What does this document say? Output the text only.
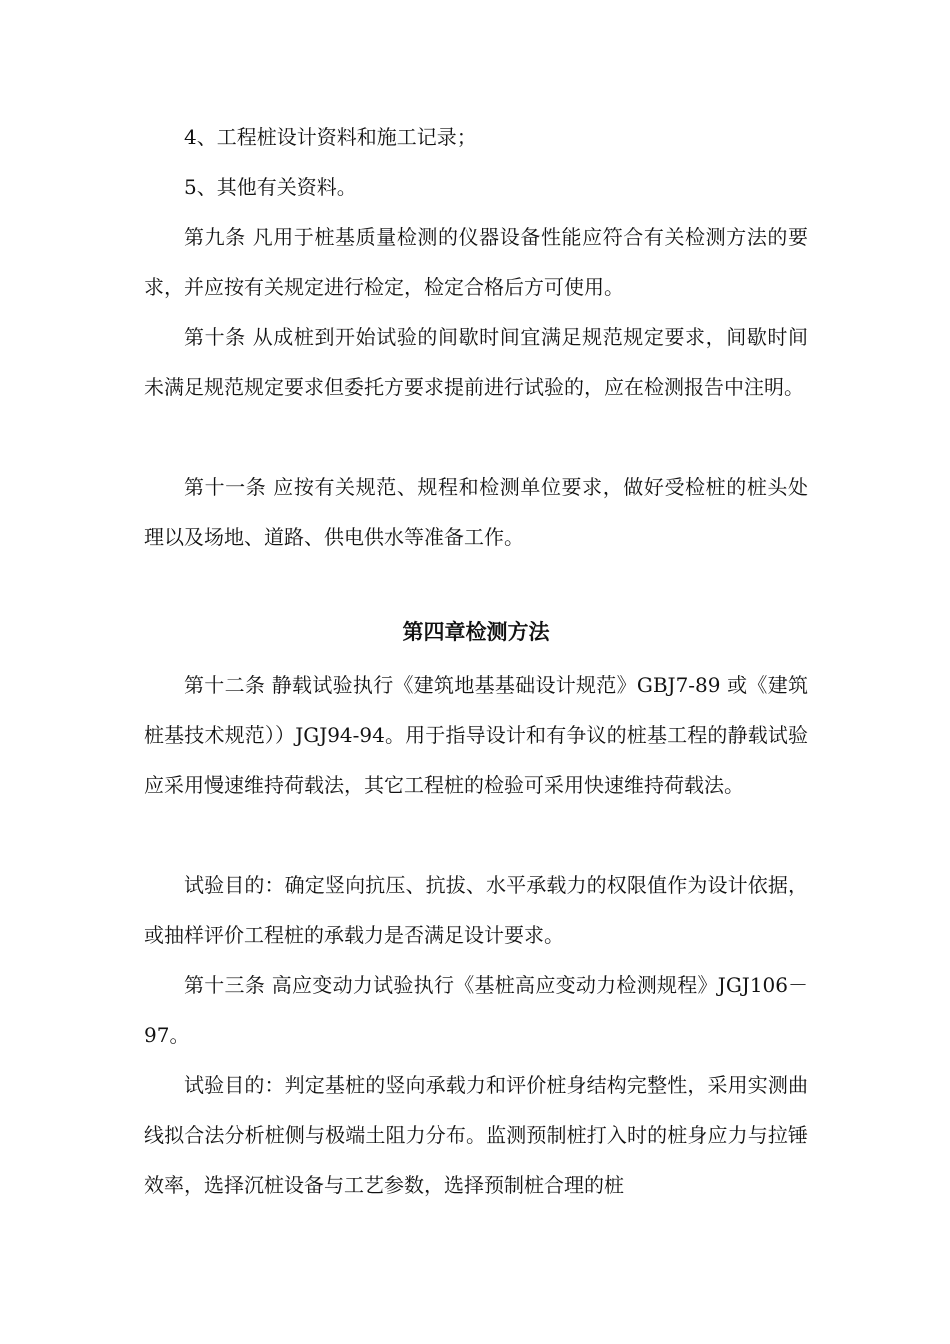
4、工程桩设计资料和施工记录；

5、其他有关资料。

第九条 凡用于桩基质量检测的仪器设备性能应符合有关检测方法的要求，并应按有关规定进行检定，检定合格后方可使用。

第十条 从成桩到开始试验的间歇时间宜满足规范规定要求，间歇时间未满足规范规定要求但委托方要求提前进行试验的，应在检测报告中注明。

第十一条 应按有关规范、规程和检测单位要求，做好受检桩的桩头处理以及场地、道路、供电供水等准备工作。

第四章检测方法

第十二条 静载试验执行《建筑地基基础设计规范》GBJ7-89 或《建筑桩基技术规范））JGJ94-94。用于指导设计和有争议的桩基工程的静载试验应采用慢速维持荷载法，其它工程桩的检验可采用快速维持荷载法。

试验目的：确定竖向抗压、抗拔、水平承载力的权限值作为设计依据，或抽样评价工程桩的承载力是否满足设计要求。

第十三条 高应变动力试验执行《基桩高应变动力检测规程》JGJ106－97。

试验目的：判定基桩的竖向承载力和评价桩身结构完整性，采用实测曲线拟合法分析桩侧与极端土阻力分布。监测预制桩打入时的桩身应力与拉锤效率，选择沉桩设备与工艺参数，选择预制桩合理的桩
